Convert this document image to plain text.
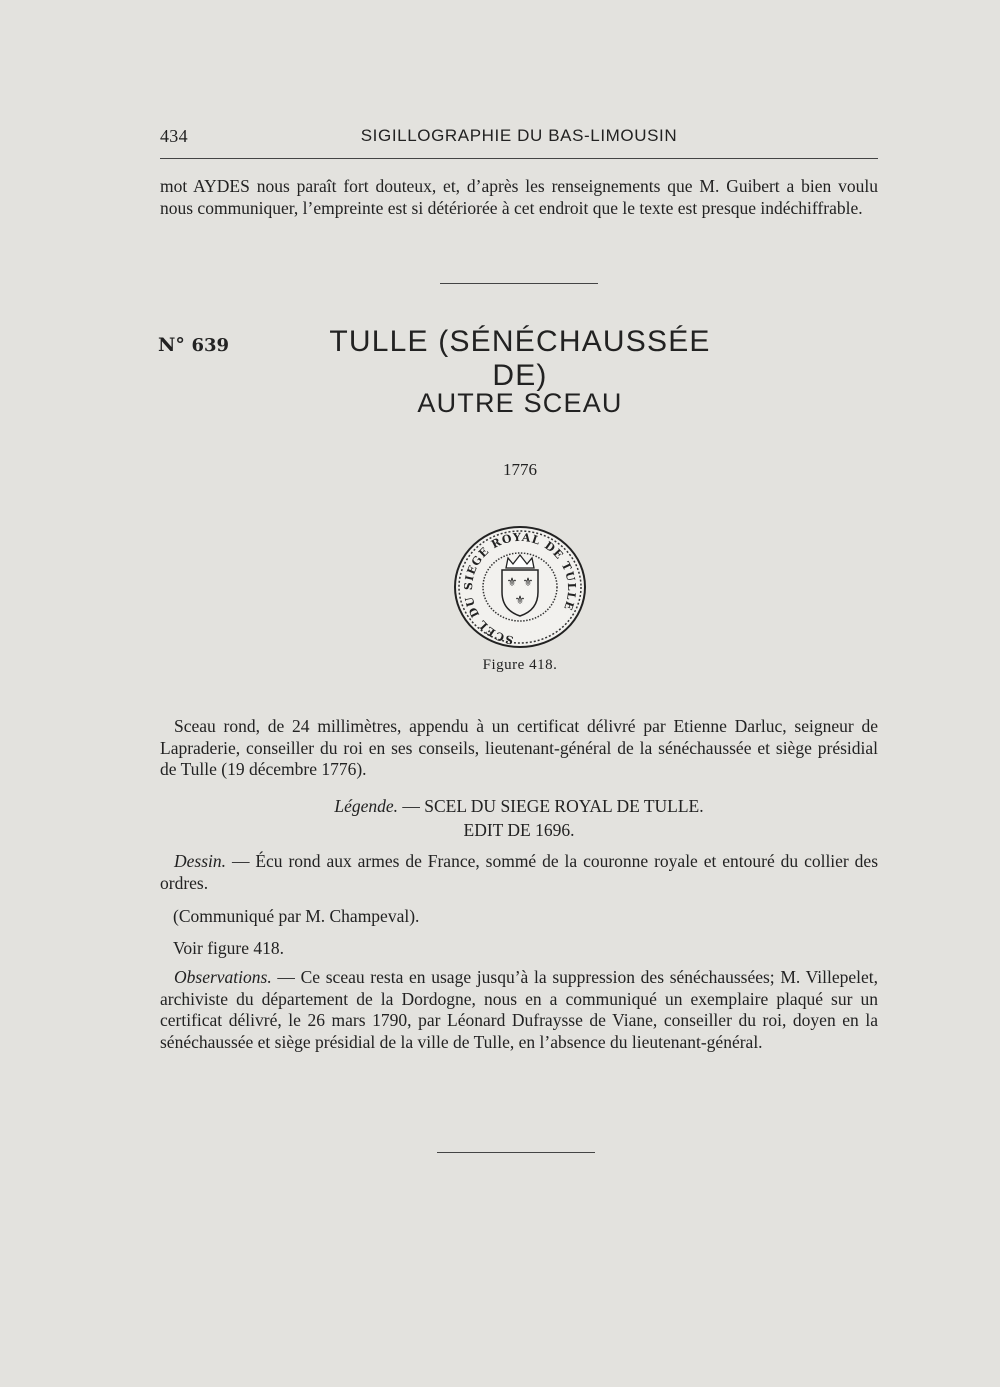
434	SIGILLOGRAPHIE DU BAS-LIMOUSIN
mot AYDES nous paraît fort douteux, et, d’après les renseignements que M. Guibert a bien voulu nous communiquer, l’empreinte est si détériorée à cet endroit que le texte est presque indéchiffrable.
N° 639	TULLE (SÉNÉCHAUSSÉE DE)
AUTRE SCEAU
1776
SCEL DU SIEGE ROYAL DE TULLE
⚜ ⚜
⚜
Figure 418.
Sceau rond, de 24 millimètres, appendu à un certificat délivré par Etienne Darluc, seigneur de Lapraderie, conseiller du roi en ses conseils, lieutenant-général de la sénéchaussée et siège présidial de Tulle (19 décembre 1776).
Légende. — SCEL DU SIEGE ROYAL DE TULLE.
EDIT DE 1696.
Dessin. — Écu rond aux armes de France, sommé de la couronne royale et entouré du collier des ordres.
(Communiqué par M. Champeval).
Voir figure 418.
Observations. — Ce sceau resta en usage jusqu’à la suppression des sénéchaussées; M. Villepelet, archiviste du département de la Dordogne, nous en a communiqué un exemplaire plaqué sur un certificat délivré, le 26 mars 1790, par Léonard Dufraysse de Viane, conseiller du roi, doyen en la sénéchaussée et siège présidial de la ville de Tulle, en l’absence du lieutenant-général.
